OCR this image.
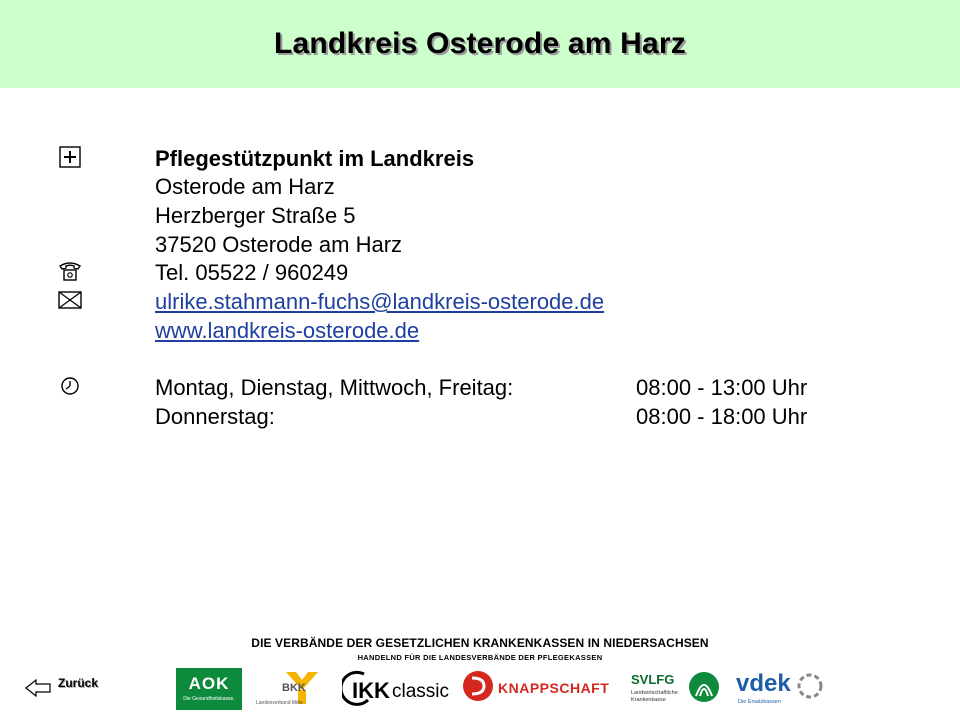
Landkreis Osterode am Harz
Pflegestützpunkt im Landkreis
Osterode am Harz
Herzberger Straße 5
37520 Osterode am Harz
Tel. 05522 / 960249
ulrike.stahmann-fuchs@landkreis-osterode.de
www.landkreis-osterode.de
Montag, Dienstag, Mittwoch, Freitag:	08:00 - 13:00 Uhr
Donnerstag:	08:00 - 18:00 Uhr
DIE VERBÄNDE DER GESETZLICHEN KRANKENKASSEN IN NIEDERSACHSEN
HANDELND FÜR DIE LANDESVERBÄNDE DER PFLEGEKASSEN
Zurück	AOK
Die Gesundheitskasse.
BKK
Landesverband Mitte	IKK classic	KNAPPSCHAFT
SVLFG
Landwirtschaftliche
Krankenkasse
vdek
Die Ersatzkassen
